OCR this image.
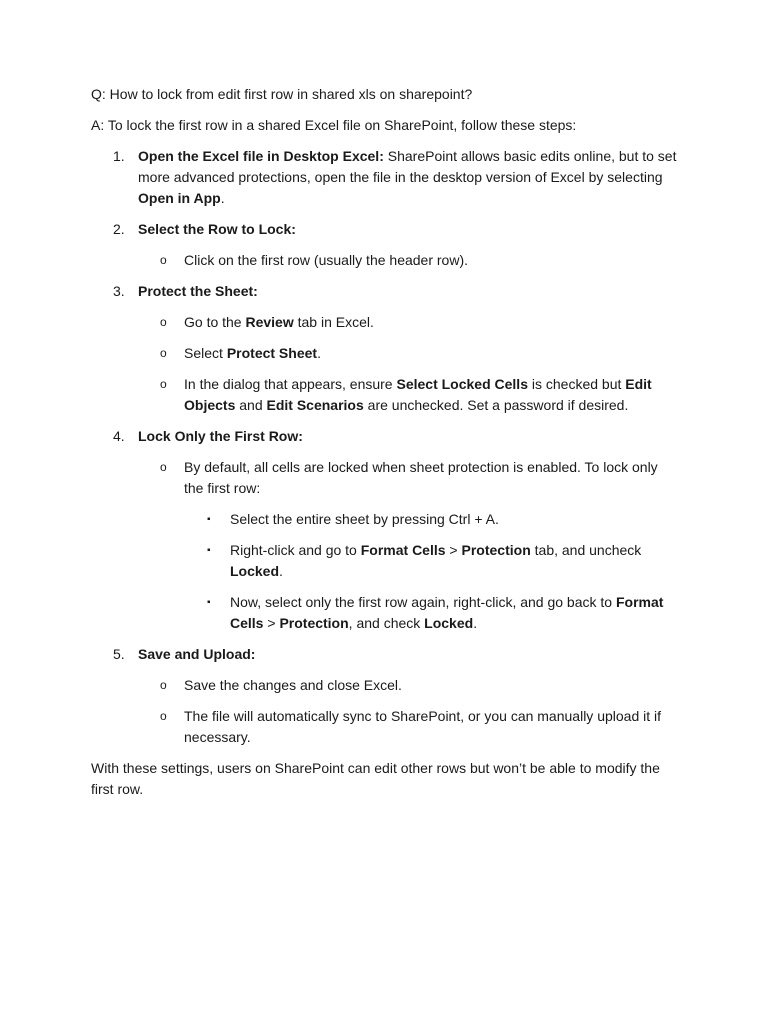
Q: How to lock from edit first row in shared xls on sharepoint?

A: To lock the first row in a shared Excel file on SharePoint, follow these steps:

1. Open the Excel file in Desktop Excel: SharePoint allows basic edits online, but to set more advanced protections, open the file in the desktop version of Excel by selecting Open in App.
2. Select the Row to Lock:
o Click on the first row (usually the header row).
3. Protect the Sheet:
o Go to the Review tab in Excel.
o Select Protect Sheet.
o In the dialog that appears, ensure Select Locked Cells is checked but Edit Objects and Edit Scenarios are unchecked. Set a password if desired.
4. Lock Only the First Row:
o By default, all cells are locked when sheet protection is enabled. To lock only the first row:
▪ Select the entire sheet by pressing Ctrl + A.
▪ Right-click and go to Format Cells > Protection tab, and uncheck Locked.
▪ Now, select only the first row again, right-click, and go back to Format Cells > Protection, and check Locked.
5. Save and Upload:
o Save the changes and close Excel.
o The file will automatically sync to SharePoint, or you can manually upload it if necessary.

With these settings, users on SharePoint can edit other rows but won’t be able to modify the first row.
